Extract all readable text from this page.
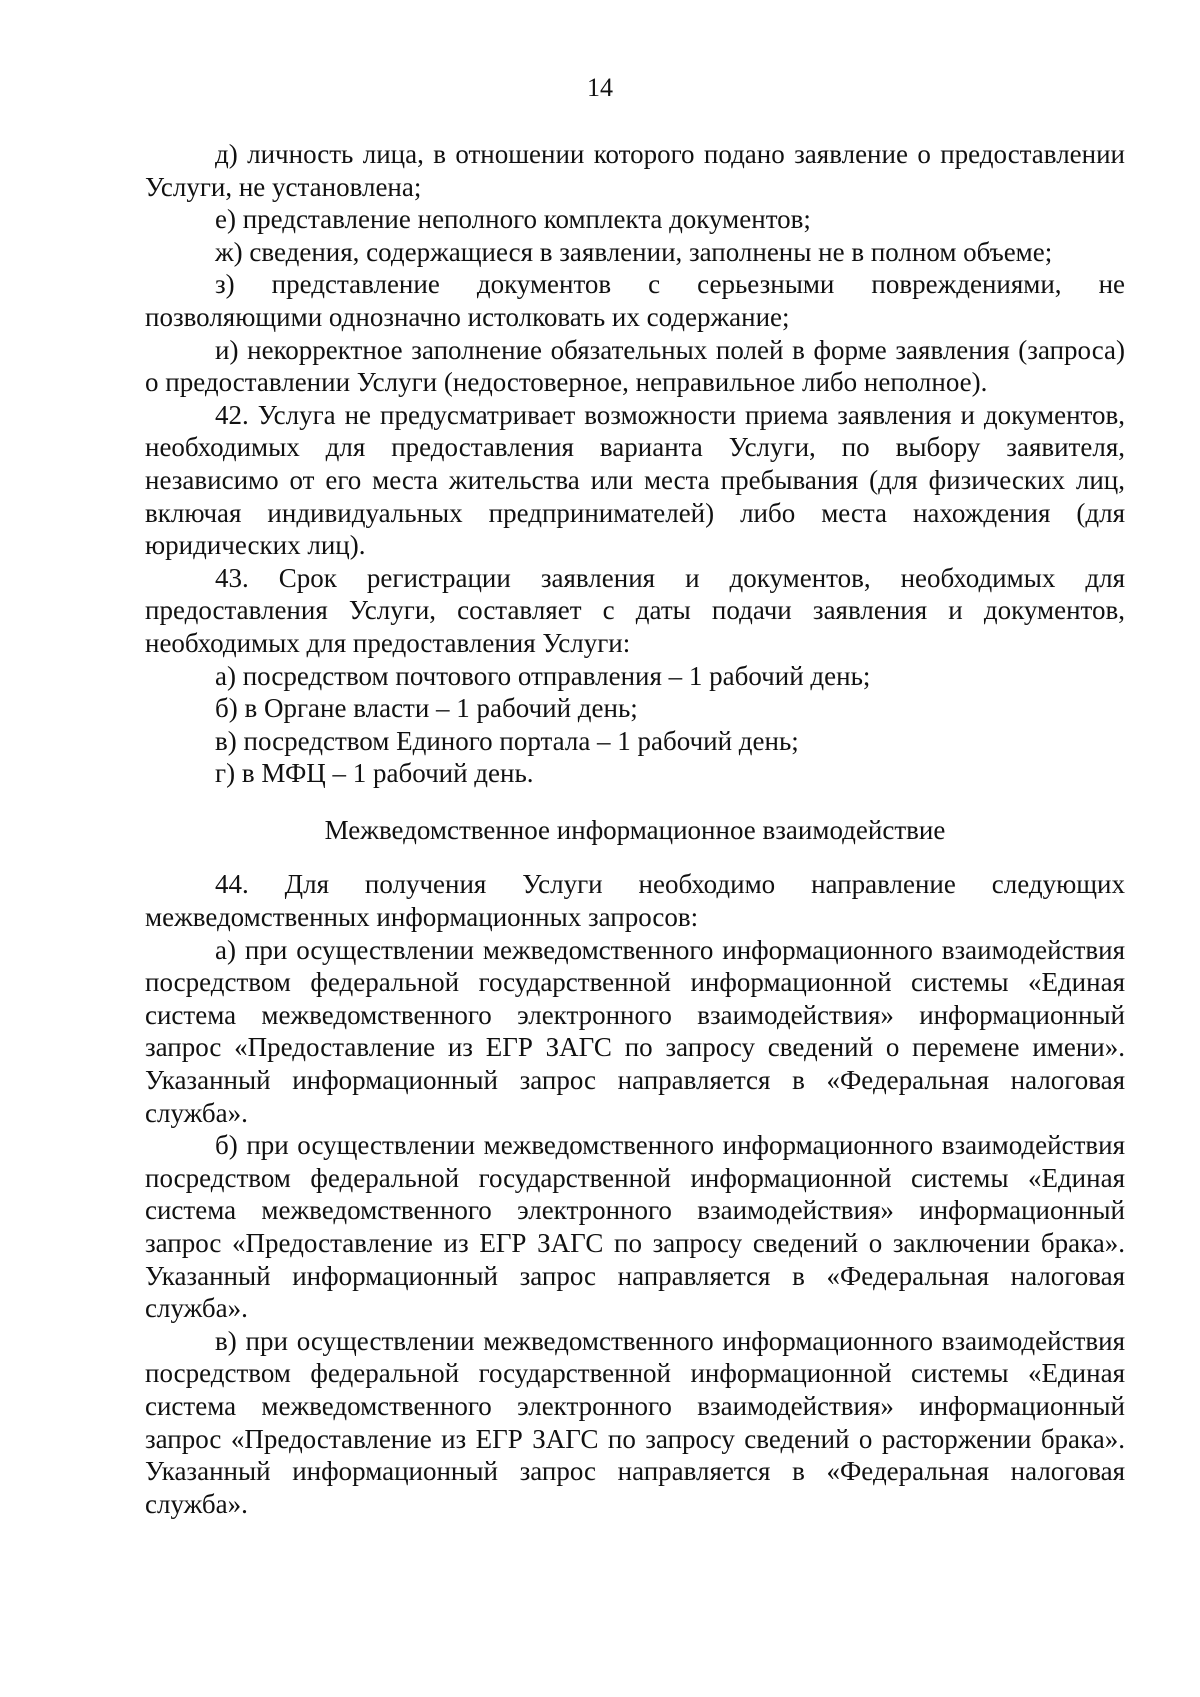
14

д) личность лица, в отношении которого подано заявление о предоставлении Услуги, не установлена;

е) представление неполного комплекта документов;

ж) сведения, содержащиеся в заявлении, заполнены не в полном объеме;

з) представление документов с серьезными повреждениями, не позволяющими однозначно истолковать их содержание;

и) некорректное заполнение обязательных полей в форме заявления (запроса) о предоставлении Услуги (недостоверное, неправильное либо неполное).

42. Услуга не предусматривает возможности приема заявления и документов, необходимых для предоставления варианта Услуги, по выбору заявителя, независимо от его места жительства или места пребывания (для физических лиц, включая индивидуальных предпринимателей) либо места нахождения (для юридических лиц).

43. Срок регистрации заявления и документов, необходимых для предоставления Услуги, составляет с даты подачи заявления и документов, необходимых для предоставления Услуги:

а) посредством почтового отправления – 1 рабочий день;

б) в Органе власти – 1 рабочий день;

в) посредством Единого портала – 1 рабочий день;

г) в МФЦ – 1 рабочий день.

Межведомственное информационное взаимодействие

44. Для получения Услуги необходимо направление следующих межведомственных информационных запросов:

а) при осуществлении межведомственного информационного взаимодействия посредством федеральной государственной информационной системы «Единая система межведомственного электронного взаимодействия» информационный запрос «Предоставление из ЕГР ЗАГС по запросу сведений о перемене имени». Указанный информационный запрос направляется в «Федеральная налоговая служба».

б) при осуществлении межведомственного информационного взаимодействия посредством федеральной государственной информационной системы «Единая система межведомственного электронного взаимодействия» информационный запрос «Предоставление из ЕГР ЗАГС по запросу сведений о заключении брака». Указанный информационный запрос направляется в «Федеральная налоговая служба».

в) при осуществлении межведомственного информационного взаимодействия посредством федеральной государственной информационной системы «Единая система межведомственного электронного взаимодействия» информационный запрос «Предоставление из ЕГР ЗАГС по запросу сведений о расторжении брака». Указанный информационный запрос направляется в «Федеральная налоговая служба».
